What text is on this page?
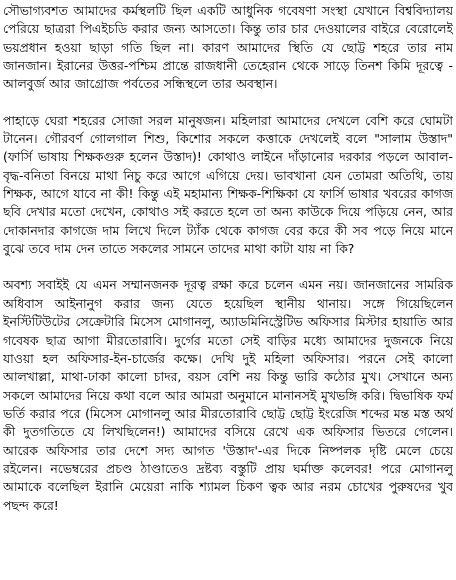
সৌভাগ্যবশত আমাদের কর্মস্থলটি ছিল একটি আধুনিক গবেষণা সংস্থা যেখানে বিশ্ববিদ্যালয় পেরিয়ে ছাত্ররা পিএইচডি করার জন্য আসতো। কিন্তু তার চার দেওয়ালের বাইরে বেরোলেই ভয়প্রধান হওয়া ছাড়া গতি ছিল না। কারণ আমাদের স্থিতি যে ছোট্ট শহরে তার নাম জানজান। ইরানের উত্তর-পশ্চিম প্রান্তে রাজধানী তেহেরান থেকে সাড়ে তিনশ কিমি দূরত্বে - আলবুর্জ আর জাগ্রোজ পর্বতের সন্ধিস্থলে তার অবস্থান।

পাহাড়ে ঘেরা শহরের সোজা সরল মানুষজন। মহিলারা আমাদের দেখলে বেশি করে ঘোমটা টানেন। গৌরবর্ণ গোলগাল শিশু, কিশোর সকলে কত্তাকে দেখলেই বলে "সালাম উস্তাদ" (ফার্সি ভাষায় শিক্ষকগুরু হলেন উস্তাদ)! কোথাও লাইনে দাঁড়ানোর দরকার পড়লে আবাল-বৃদ্ধ-বনিতা বিনয়ে মাথা নিচু করে আগে এগিয়ে দেয়। ভাবখানা যেন তোমরা অতিথি, তায় শিক্ষক, আগে যাবে না কী! কিন্তু এই মহামান্য শিক্ষক-শিক্ষিকা যে ফার্সি ভাষার খবরের কাগজ ছবি দেখার মতো দেখেন, কোথাও সই করতে হলে তা অন্য কাউকে দিয়ে পড়িয়ে নেন, আর দোকানদার কাগজে দাম লিখে দিলে ট্যাঁক থেকে কাগজ বের করে কী সব পড়ে নিয়ে মানে বুঝে তবে দাম দেন তাতে সকলের সামনে তাদের মাথা কাটা যায় না কি?

অবশ্য সবাইই যে এমন সম্মানজনক দূরত্ব রক্ষা করে চলেন এমন নয়। জানজানের সামরিক অধিবাস আইনানুগ করার জন্য যেতে হয়েছিল স্থানীয় থানায়। সঙ্গে গিয়েছিলেন ইনস্টিটিউটের সেক্রেটারি মিসেস মোগানলু, অ্যাডমিনিস্ট্রেটিভ অফিসার মিস্টার হায়াতি আর গবেষক ছাত্র আগা মীরতোরাবি। দুর্গের মতো সেই বাড়ির মধ্যে আমাদের দুজনকে নিয়ে যাওয়া হল অফিসার-ইন-চার্জের কক্ষে। দেখি দুই মহিলা অফিসার। পরনে সেই কালো আলখাল্লা, মাথা-ঢাকা কালো চাদর, বয়স বেশি নয় কিন্তু ভারি কঠোর মুখ। সেখানে অন্য সকলে আমাদের নিয়ে কথা বলে আর আমরা অনুমানে মানানসই মুখভঙ্গি করি। দ্বিভাষিক ফর্ম ভর্তি করার পরে (মিসেস মোগানলু আর মীরতোরাবি ছোট্ট ছোট্ট ইংরেজি শব্দের মন্ত মস্ত অর্থ কী দুতগতিতে যে লিখছিলেন!) আমাদের বসিয়ে রেখে এক অফিসার ভিতরে গেলেন। আরেক অফিসার তার দেশে সদ্য আগত 'উস্তাদ'-এর দিকে নিষ্পলক দৃষ্টি মেলে চেয়ে রইলেন। নভেম্বরের প্রচণ্ড ঠাণ্ডাতেও দ্রষ্টব্য বস্তুটি প্রায় ঘর্মাক্ত কলেবর! পরে মোগানলু আমাকে বলেছিল ইরানি মেয়েরা নাকি শ্যামল চিকণ ত্বক আর নরম চোখের পুরুষদের খুব পছন্দ করে!
